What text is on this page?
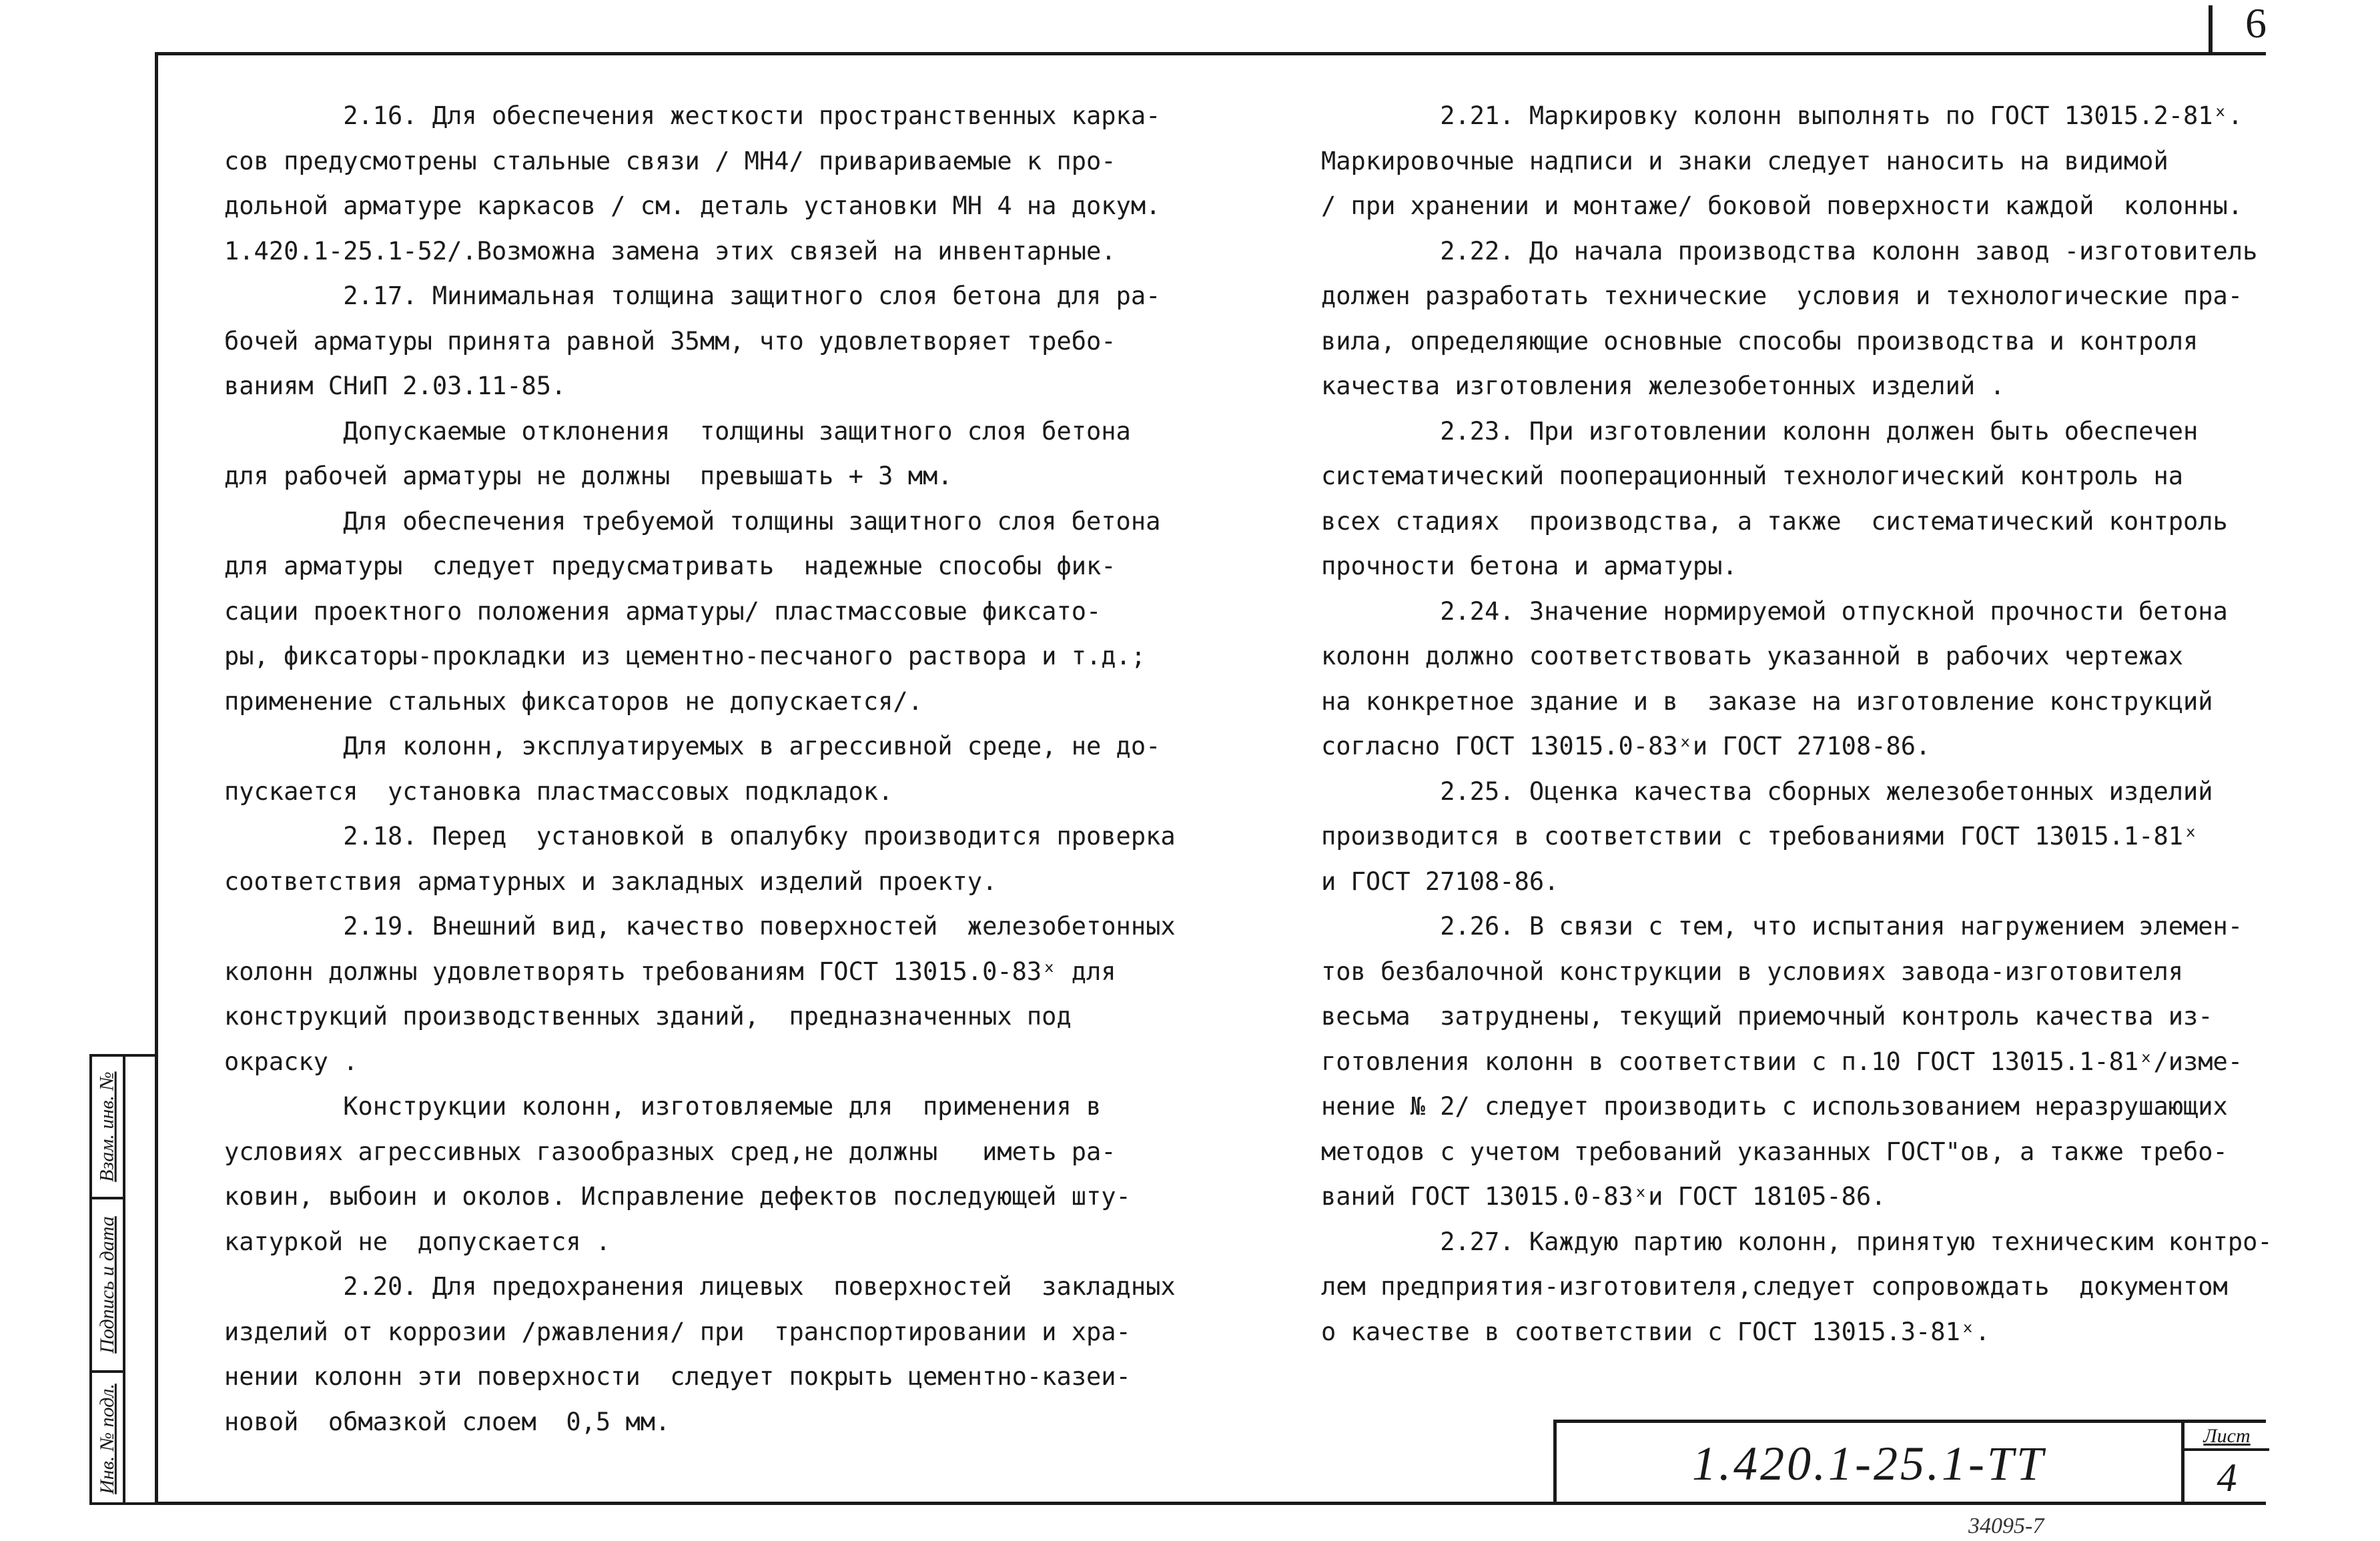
6

2.16. Для обеспечения жесткости пространственных карка-

сов предусмотрены стальные связи / МН4/ привариваемые к про-

дольной арматуре каркасов / см. деталь установки МН 4 на докум.

1.420.1-25.1-52/.Возможна замена этих связей на инвентарные.

2.17. Минимальная толщина защитного слоя бетона для ра-

бочей арматуры принята равной 35мм, что удовлетворяет требо-

ваниям СНиП 2.03.11-85.

Допускаемые отклонения  толщины защитного слоя бетона

для рабочей арматуры не должны  превышать + 3 мм.

Для обеспечения требуемой толщины защитного слоя бетона

для арматуры  следует предусматривать  надежные способы фик-

сации проектного положения арматуры/ пластмассовые фиксато-

ры, фиксаторы-прокладки из цементно-песчаного раствора и т.д.;

применение стальных фиксаторов не допускается/.

Для колонн, эксплуатируемых в агрессивной среде, не до-

пускается  установка пластмассовых подкладок.

2.18. Перед  установкой в опалубку производится проверка

соответствия арматурных и закладных изделий проекту.

2.19. Внешний вид, качество поверхностей  железобетонных

колонн должны удовлетворять требованиям ГОСТ 13015.0-83ˣ для

конструкций производственных зданий,  предназначенных под

окраску .

Конструкции колонн, изготовляемые для  применения в

условиях агрессивных газообразных сред,не должны   иметь ра-

ковин, выбоин и околов. Исправление дефектов последующей шту-

катуркой не  допускается .

2.20. Для предохранения лицевых  поверхностей  закладных

изделий от коррозии /ржавления/ при  транспортировании и хра-

нении колонн эти поверхности  следует покрыть цементно-казеи-

новой  обмазкой слоем  0,5 мм.

2.21. Маркировку колонн выполнять по ГОСТ 13015.2-81ˣ.

Маркировочные надписи и знаки следует наносить на видимой

/ при хранении и монтаже/ боковой поверхности каждой  колонны.

2.22. До начала производства колонн завод -изготовитель

должен разработать технические  условия и технологические пра-

вила, определяющие основные способы производства и контроля

качества изготовления железобетонных изделий .

2.23. При изготовлении колонн должен быть обеспечен

систематический пооперационный технологический контроль на

всех стадиях  производства, а также  систематический контроль

прочности бетона и арматуры.

2.24. Значение нормируемой отпускной прочности бетона

колонн должно соответствовать указанной в рабочих чертежах

на конкретное здание и в  заказе на изготовление конструкций

согласно ГОСТ 13015.0-83ˣи ГОСТ 27108-86.

2.25. Оценка качества сборных железобетонных изделий

производится в соответствии с требованиями ГОСТ 13015.1-81ˣ

и ГОСТ 27108-86.

2.26. В связи с тем, что испытания нагружением элемен-

тов безбалочной конструкции в условиях завода-изготовителя

весьма  затруднены, текущий приемочный контроль качества из-

готовления колонн в соответствии с п.10 ГОСТ 13015.1-81ˣ/изме-

нение № 2/ следует производить с использованием неразрушающих

методов с учетом требований указанных ГОСТ"ов, а также требо-

ваний ГОСТ 13015.0-83ˣи ГОСТ 18105-86.

2.27. Каждую партию колонн, принятую техническим контро-

лем предприятия-изготовителя,следует сопровождать  документом

о качестве в соответствии с ГОСТ 13015.3-81ˣ.

Взам. инв. №
Подпись и дата
Инв. № подл.	1.420.1-25.1-ТТ
Лист
4
34095-7
